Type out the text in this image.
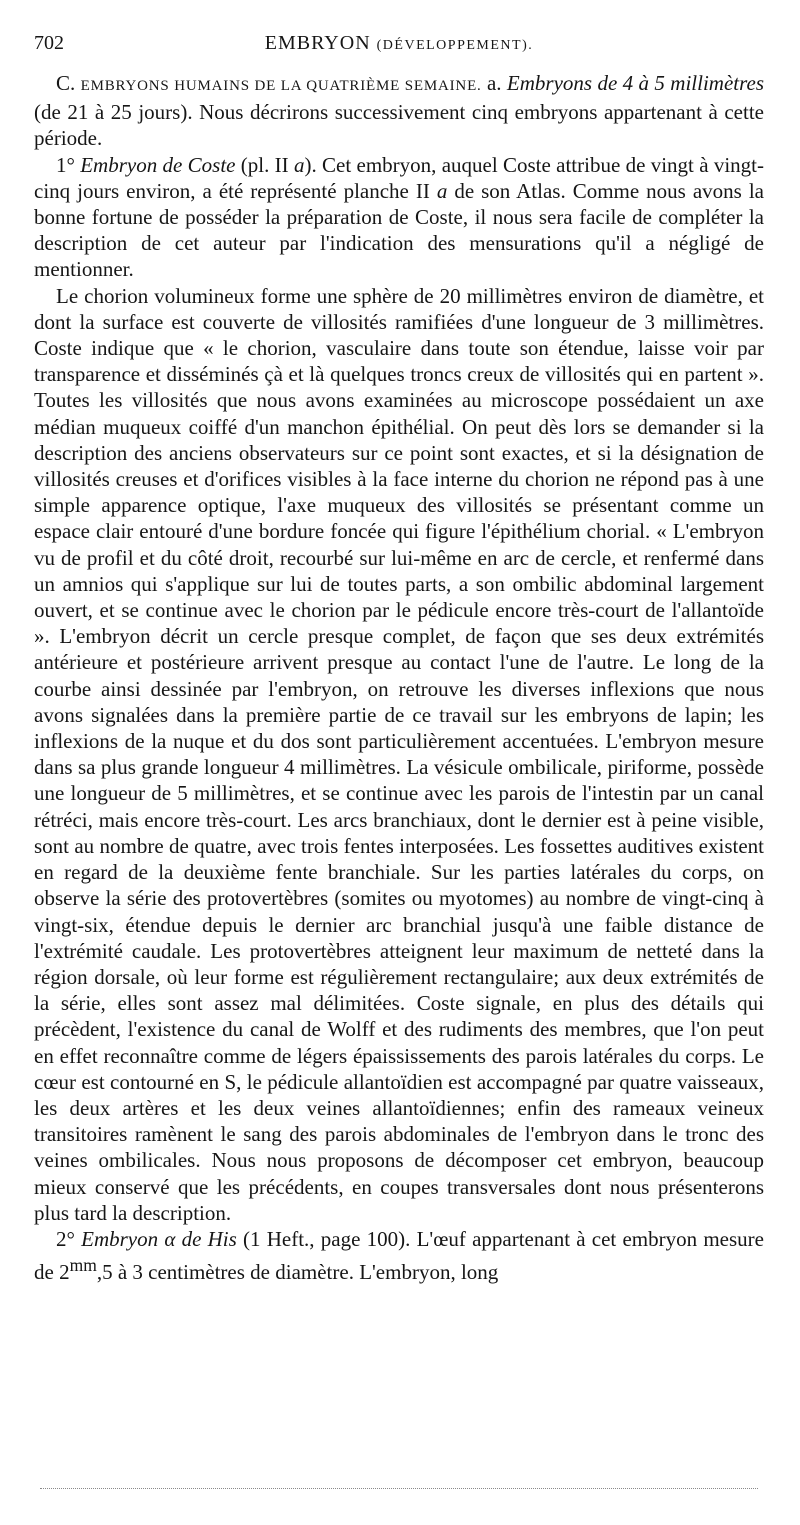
702	EMBRYON (DÉVELOPPEMENT).

C. EMBRYONS HUMAINS DE LA QUATRIÈME SEMAINE. a. Embryons de 4 à 5 millimètres (de 21 à 25 jours). Nous décrirons successivement cinq embryons appartenant à cette période.

1° Embryon de Coste (pl. II a). Cet embryon, auquel Coste attribue de vingt à vingt-cinq jours environ, a été représenté planche II a de son Atlas. Comme nous avons la bonne fortune de posséder la préparation de Coste, il nous sera facile de compléter la description de cet auteur par l'indication des mensurations qu'il a négligé de mentionner.

Le chorion volumineux forme une sphère de 20 millimètres environ de diamètre, et dont la surface est couverte de villosités ramifiées d'une longueur de 3 millimètres. Coste indique que « le chorion, vasculaire dans toute son étendue, laisse voir par transparence et disséminés çà et là quelques troncs creux de villosités qui en partent ». Toutes les villosités que nous avons examinées au microscope possédaient un axe médian muqueux coiffé d'un manchon épithélial. On peut dès lors se demander si la description des anciens observateurs sur ce point sont exactes, et si la désignation de villosités creuses et d'orifices visibles à la face interne du chorion ne répond pas à une simple apparence optique, l'axe muqueux des villosités se présentant comme un espace clair entouré d'une bordure foncée qui figure l'épithélium chorial. « L'embryon vu de profil et du côté droit, recourbé sur lui-même en arc de cercle, et renfermé dans un amnios qui s'applique sur lui de toutes parts, a son ombilic abdominal largement ouvert, et se continue avec le chorion par le pédicule encore très-court de l'allantoïde ». L'embryon décrit un cercle presque complet, de façon que ses deux extrémités antérieure et postérieure arrivent presque au contact l'une de l'autre. Le long de la courbe ainsi dessinée par l'embryon, on retrouve les diverses inflexions que nous avons signalées dans la première partie de ce travail sur les embryons de lapin; les inflexions de la nuque et du dos sont particulièrement accentuées. L'embryon mesure dans sa plus grande longueur 4 millimètres. La vésicule ombilicale, piriforme, possède une longueur de 5 millimètres, et se continue avec les parois de l'intestin par un canal rétréci, mais encore très-court. Les arcs branchiaux, dont le dernier est à peine visible, sont au nombre de quatre, avec trois fentes interposées. Les fossettes auditives existent en regard de la deuxième fente branchiale. Sur les parties latérales du corps, on observe la série des protovertèbres (somites ou myotomes) au nombre de vingt-cinq à vingt-six, étendue depuis le dernier arc branchial jusqu'à une faible distance de l'extrémité caudale. Les protovertèbres atteignent leur maximum de netteté dans la région dorsale, où leur forme est régulièrement rectangulaire; aux deux extrémités de la série, elles sont assez mal délimitées. Coste signale, en plus des détails qui précèdent, l'existence du canal de Wolff et des rudiments des membres, que l'on peut en effet reconnaître comme de légers épaississements des parois latérales du corps. Le cœur est contourné en S, le pédicule allantoïdien est accompagné par quatre vaisseaux, les deux artères et les deux veines allantoïdiennes; enfin des rameaux veineux transitoires ramènent le sang des parois abdominales de l'embryon dans le tronc des veines ombilicales. Nous nous proposons de décomposer cet embryon, beaucoup mieux conservé que les précédents, en coupes transversales dont nous présenterons plus tard la description.

2° Embryon α de His (1 Heft., page 100). L'œuf appartenant à cet embryon mesure de $2^{mm},5$ à 3 centimètres de diamètre. L'embryon, long
